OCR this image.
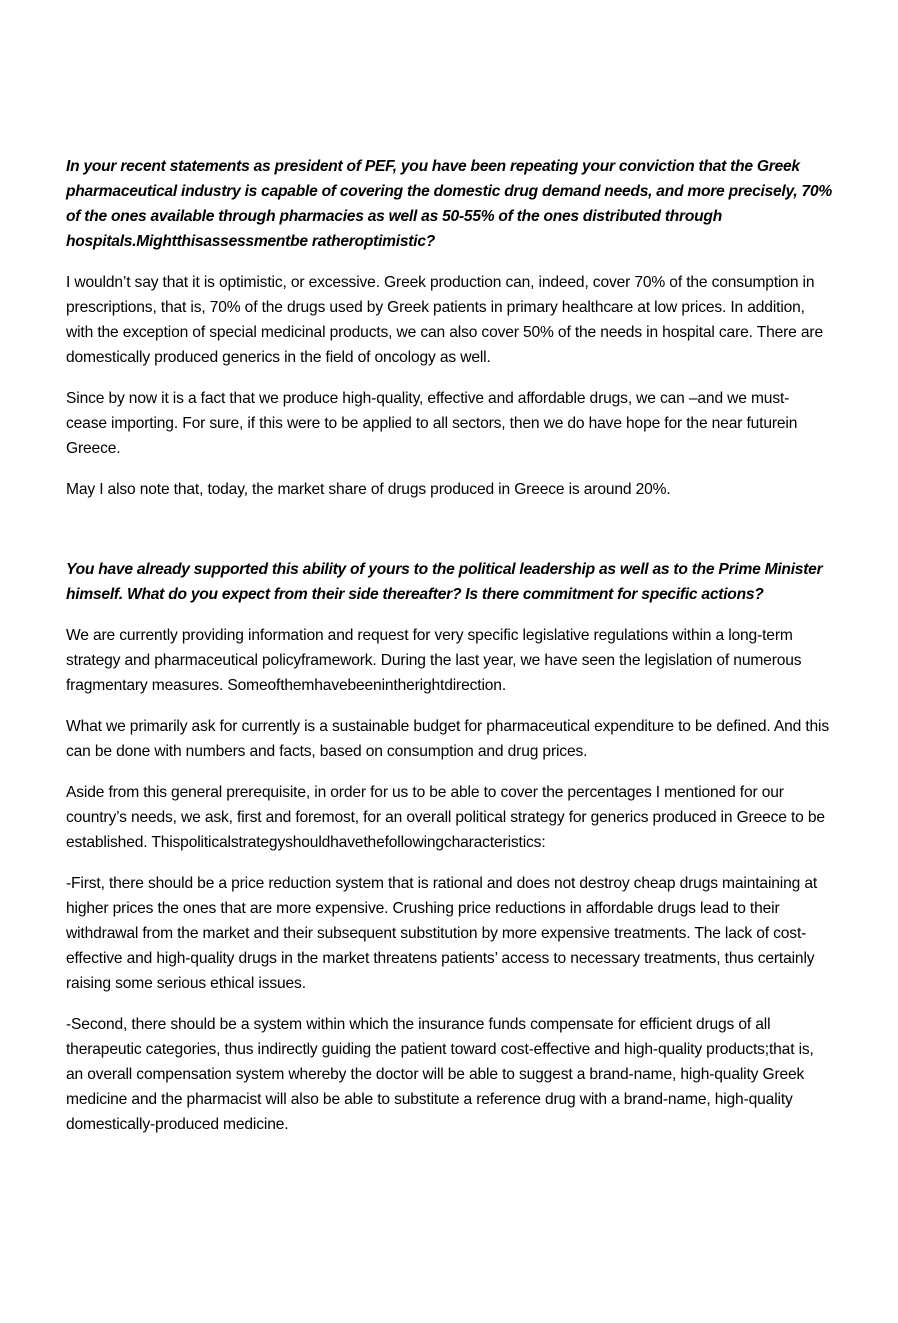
In your recent statements as president of PEF, you have been repeating your conviction that the Greek pharmaceutical industry is capable of covering the domestic drug demand needs, and more precisely, 70% of the ones available through pharmacies as well as 50-55% of the ones distributed through hospitals.Mightthisassessmentbe ratheroptimistic?

I wouldn’t say that it is optimistic, or excessive. Greek production can, indeed, cover 70% of the consumption in prescriptions, that is, 70% of the drugs used by Greek patients in primary healthcare at low prices. In addition, with the exception of special medicinal products, we can also cover 50% of the needs in hospital care. There are domestically produced generics in the field of oncology as well.

Since by now it is a fact that we produce high-quality, effective and affordable drugs, we can –and we must- cease importing. For sure, if this were to be applied to all sectors, then we do have hope for the near futurein Greece.

May I also note that, today, the market share of drugs produced in Greece is around 20%.

You have already supported this ability of yours to the political leadership as well as to the Prime Minister himself. What do you expect from their side thereafter? Is there commitment for specific actions?

We are currently providing information and request for very specific legislative regulations within a long-term strategy and pharmaceutical policyframework. During the last year, we have seen the legislation of numerous fragmentary measures. Someofthemhavebeenintherightdirection.

What we primarily ask for currently is a sustainable budget for pharmaceutical expenditure to be defined. And this can be done with numbers and facts, based on consumption and drug prices.

Aside from this general prerequisite, in order for us to be able to cover the percentages I mentioned for our country’s needs, we ask, first and foremost, for an overall political strategy for generics produced in Greece to be established. Thispoliticalstrategyshouldhavethefollowingcharacteristics:

-First, there should be a price reduction system that is rational and does not destroy cheap drugs maintaining at higher prices the ones that are more expensive. Crushing price reductions in affordable drugs lead to their withdrawal from the market and their subsequent substitution by more expensive treatments. The lack of cost-effective and high-quality drugs in the market threatens patients’ access to necessary treatments, thus certainly raising some serious ethical issues.

-Second, there should be a system within which the insurance funds compensate for efficient drugs of all therapeutic categories, thus indirectly guiding the patient toward cost-effective and high-quality products;that is, an overall compensation system whereby the doctor will be able to suggest a brand-name, high-quality Greek medicine and the pharmacist will also be able to substitute a reference drug with a brand-name, high-quality domestically-produced medicine.
